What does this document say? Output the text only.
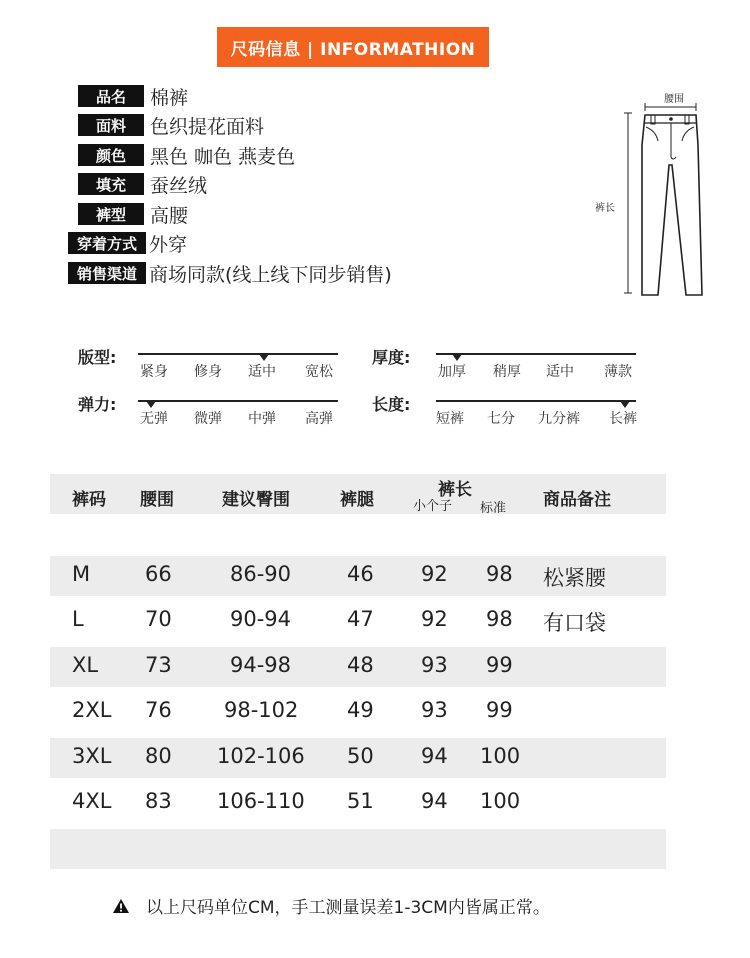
尺码信息 | INFORMATHION
品名	棉裤
面料	色织提花面料
颜色	黑色 咖色 燕麦色
填充	蚕丝绒
裤型	高腰
穿着方式 外穿
销售渠道 商场同款(线上线下同步销售)
腰围
裤长
版型:
紧身 修身 适中 宽松
厚度:
加厚 稍厚 适中 薄款
弹力:
无弹 微弹 中弹 高弹
长度:
短裤 七分 九分裤 长裤
裤码 腰围	建议臀围	裤腿	裤长
小个子 标准 商品备注
M	66	86-90	46 92 98 松紧腰
L	70	90-94	47 92 98 有口袋
XL 73	94-98	48 93 99
2XL 76 98-102 49 93 99
3XL 80 102-106 50 94 100
4XL 83 106-110 51 94 100
以上尺码单位CM，手工测量误差1-3CM内皆属正常。
